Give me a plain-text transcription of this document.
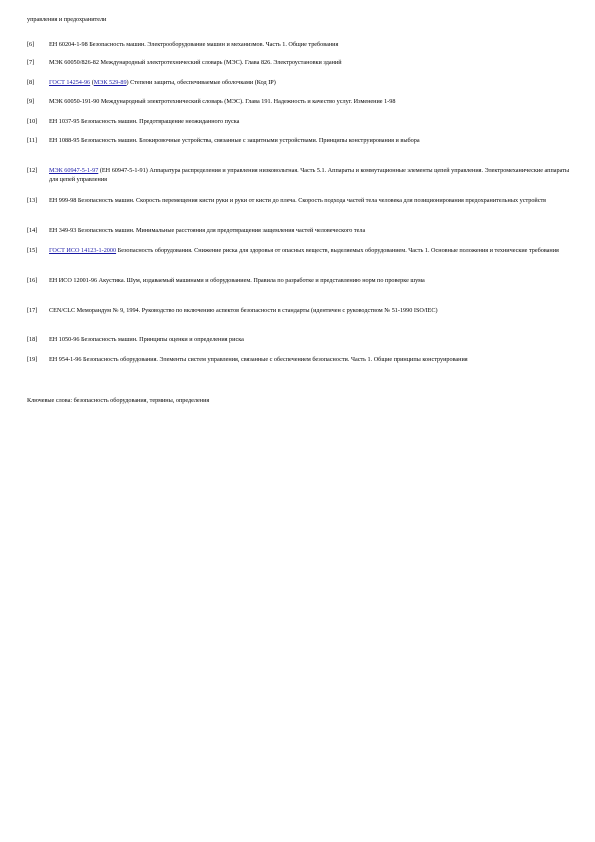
управления и предохранители
[6] ЕН 60204-1-98 Безопасность машин. Электрооборудование машин и механизмов. Часть 1. Общие требования
[7] МЭК 60050/826-82 Международный электротехнический словарь (МЭС). Глава 826. Электроустановки зданий
[8] ГОСТ 14254-96 (МЭК 529-89) Степени защиты, обеспечиваемые оболочками (Код IP)
[9] МЭК 60050-191-90 Международный электротехнический словарь (МЭС). Глава 191. Надежность и качество услуг. Изменение 1-98
[10] ЕН 1037-95 Безопасность машин. Предотвращение неожиданного пуска
[11] ЕН 1088-95 Безопасность машин. Блокировочные устройства, связанные с защитными устройствами. Принципы конструирования и выбора
[12] МЭК 60947-5-1-97 (ЕН 60947-5-1-91) Аппаратура распределения и управления низковольтная. Часть 5.1. Аппараты и коммутационные элементы цепей управления. Электромеханические аппараты для цепей управления
[13] ЕН 999-98 Безопасность машин. Скорость перемещения кисти руки и руки от кисти до плеча. Скорость подхода частей тела человека для позиционирования предохранительных устройств
[14] ЕН 349-93 Безопасность машин. Минимальные расстояния для предотвращения защемления частей человеческого тела
[15] ГОСТ ИСО 14123-1-2000 Безопасность оборудования. Снижение риска для здоровья от опасных веществ, выделяемых оборудованием. Часть 1. Основные положения и технические требования
[16] ЕН ИСО 12001-96 Акустика. Шум, издаваемый машинами и оборудованием. Правила по разработке и представлению норм по проверке шума
[17] CEN/CLC Меморандум № 9, 1994. Руководство по включению аспектов безопасности в стандарты (идентичен с руководством № 51-1990 ISO/IEC)
[18] ЕН 1050-96 Безопасность машин. Принципы оценки и определения риска
[19] ЕН 954-1-96 Безопасность оборудования. Элементы систем управления, связанные с обеспечением безопасности. Часть 1. Общие принципы конструирования
Ключевые слова: безопасность оборудования, термины, определения
